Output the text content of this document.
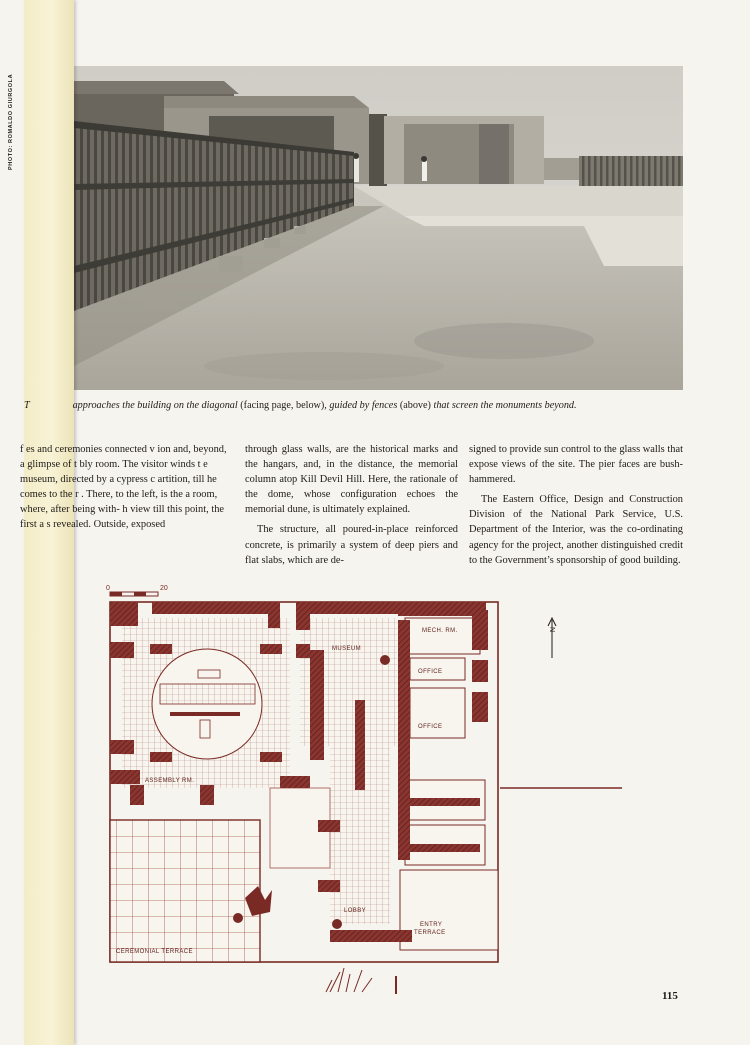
PHOTO: ROMALDO GIURGOLA
T	approaches the building on the diagonal (facing page, below), guided by fences (above) that screen the monuments beyond.

f es and ceremonies connected v ion and, beyond, a glimpse of t bly room. The visitor winds t e museum, directed by a cypress c artition, till he comes to the r . There, to the left, is the a room, where, after being with- h view till this point, the first a s revealed. Outside, exposed

through glass walls, are the historical marks and the hangars, and, in the distance, the memorial column atop Kill Devil Hill. Here, the rationale of the dome, whose configuration echoes the memorial dune, is ultimately explained.

The structure, all poured-in-place reinforced concrete, is primarily a system of deep piers and flat slabs, which are de-

signed to provide sun control to the glass walls that expose views of the site. The pier faces are bush-hammered.

The Eastern Office, Design and Construction Division of the National Park Service, U.S. Department of the Interior, was the co-ordinating agency for the project, another distinguished credit to the Government’s sponsorship of good building.

0	20
N
MUSEUM
MECH. RM.
OFFICE
OFFICE
ASSEMBLY RM.
LOBBY
ENTRY
TERRACE
CEREMONIAL TERRACE
115
